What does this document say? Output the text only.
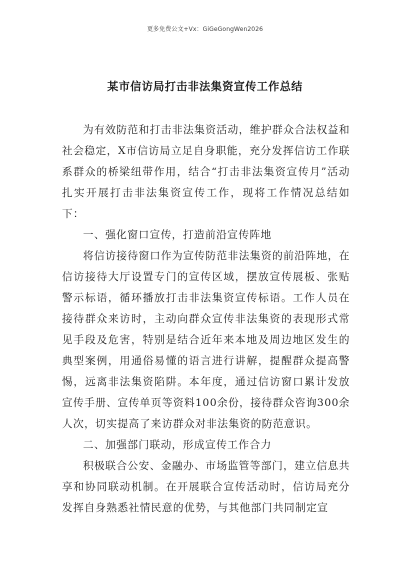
更多免费公文+Vx：GiGeGongWen2026
某市信访局打击非法集资宣传工作总结

为有效防范和打击非法集资活动，维护群众合法权益和社会稳定，X市信访局立足自身职能，充分发挥信访工作联系群众的桥梁纽带作用，结合“打击非法集资宣传月”活动扎实开展打击非法集资宣传工作，现将工作情况总结如下：

一、强化窗口宣传，打造前沿宣传阵地

将信访接待窗口作为宣传防范非法集资的前沿阵地，在信访接待大厅设置专门的宣传区域，摆放宣传展板、张贴警示标语，循环播放打击非法集资宣传标语。工作人员在接待群众来访时，主动向群众宣传非法集资的表现形式常见手段及危害，特别是结合近年来本地及周边地区发生的典型案例，用通俗易懂的语言进行讲解，提醒群众提高警惕，远离非法集资陷阱。本年度，通过信访窗口累计发放宣传手册、宣传单页等资料100余份，接待群众咨询300余人次，切实提高了来访群众对非法集资的防范意识。

二、加强部门联动，形成宣传工作合力

积极联合公安、金融办、市场监管等部门，建立信息共享和协同联动机制。在开展联合宣传活动时，信访局充分发挥自身熟悉社情民意的优势，与其他部门共同制定宣
